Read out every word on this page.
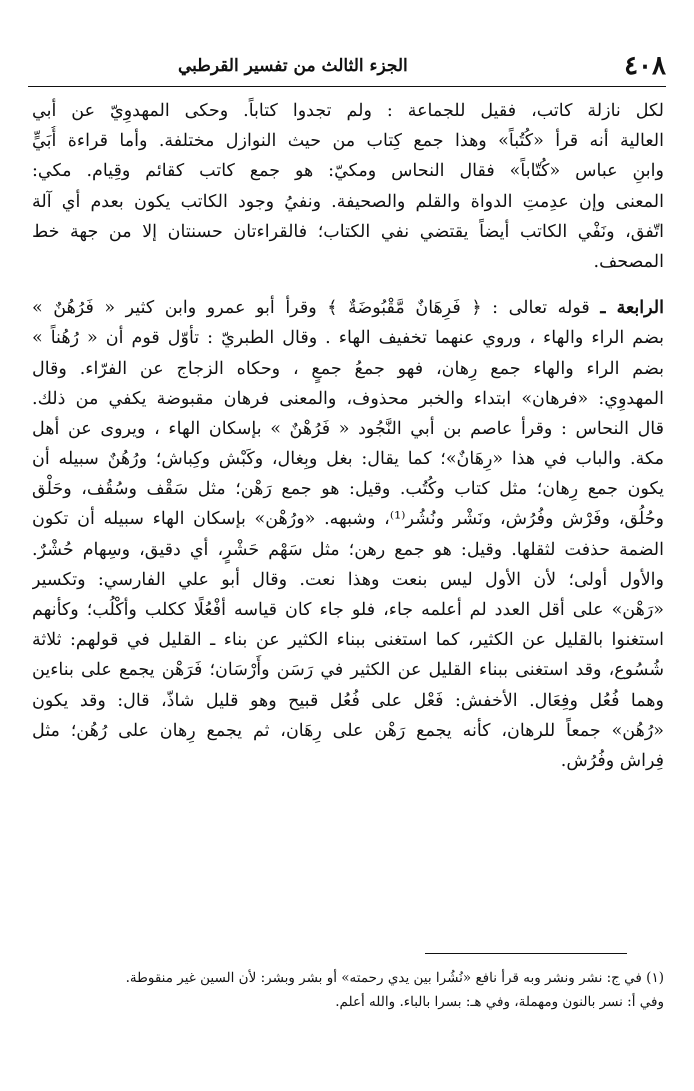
٤٠٨
الجزء الثالث من تفسير القرطبي
لكل نازلة كاتب، فقيل للجماعة : ولم تجدوا كتاباً. وحكى المهدوِيّ عن أبي
العالية أنه قرأ «كُتُباً» وهذا جمع كِتاب من حيث النوازل مختلفة. وأما قراءة أُبَيٍّ
وابنِ عباس «كُتّاباً» فقال النحاس ومكيّ: هو جمع كاتب كقائم وقِيام. مكي:
المعنى وإن عدِمتِ الدواة والقلم والصحيفة. ونفيُ وجود الكاتب يكون بعدم أي آلة
اتّفق، ونَفْي الكاتب أيضاً يقتضي نفي الكتاب؛ فالقراءتان حسنتان إلا من جهة خط
المصحف.
الرابعة ـ قوله تعالى : ﴿ فَرِهَانٌ مَّقْبُوضَةٌ ﴾ وقرأ أبو عمرو وابن كثير « فَرُهُنٌ »
بضم الراء والهاء ، وروي عنهما تخفيف الهاء . وقال الطبريّ : تأوّل قوم أن « رُهُناً »
بضم الراء والهاء جمع رِهان، فهو جمعُ جمعٍ ، وحكاه الزجاج عن الفرّاء. وقال
المهدوِي: «فرهان» ابتداء والخبر محذوف، والمعنى فرهان مقبوضة يكفي من ذلك.
قال النحاس : وقرأ عاصم بن أبي النَّجُود « فَرُهْنٌ » بإسكان الهاء ، ويروى عن أهل
مكة. والباب في هذا «رِهَانٌ»؛ كما يقال: بغل وبِغال، وكَبْش وكِباش؛ ورُهُنٌ سبيله أن
يكون جمع رِهان؛ مثل كتاب وكُتُب. وقيل: هو جمع رَهْن؛ مثل سَقْف وسُقُف، وحَلْق
وحُلُق، وفَرْش وفُرُش، ونَشْر ونُشُر⁽¹⁾، وشبهه. «ورُهْن» بإسكان الهاء سبيله أن تكون
الضمة حذفت لثقلها. وقيل: هو جمع رهن؛ مثل سَهْم حَشْرٍ، أي دقيق، وسِهام حُشْرٌ.
والأول أولى؛ لأن الأول ليس بنعت وهذا نعت. وقال أبو علي الفارسي: وتكسير
«رَهْن» على أقل العدد لم أعلمه جاء، فلو جاء كان قياسه أفْعُلًا ككلب وأكْلُب؛ وكأنهم
استغنوا بالقليل عن الكثير، كما استغنى ببناء الكثير عن بناء ـ القليل في قولهم: ثلاثة
شُسُوع، وقد استغنى ببناء القليل عن الكثير في رَسَن وأَرْسَان؛ فَرَهْن يجمع على بناءين
وهما فُعُل وفِعَال. الأخفش: فَعْل على فُعُل قبيح وهو قليل شاذّ، قال: وقد يكون
«رُهُن» جمعاً للرهان، كأنه يجمع رَهْن على رِهَان، ثم يجمع رِهان على رُهُن؛ مثل
فِراش وفُرُش.
(١) في ج: نشر ونشر وبه قرأ نافع «نُشُرا بين يدي رحمته» أو بشر وبشر: لأن السين غير منقوطة.
وفي أ: نسر بالنون ومهملة، وفي هـ: بسرا بالباء. والله أعلم.
